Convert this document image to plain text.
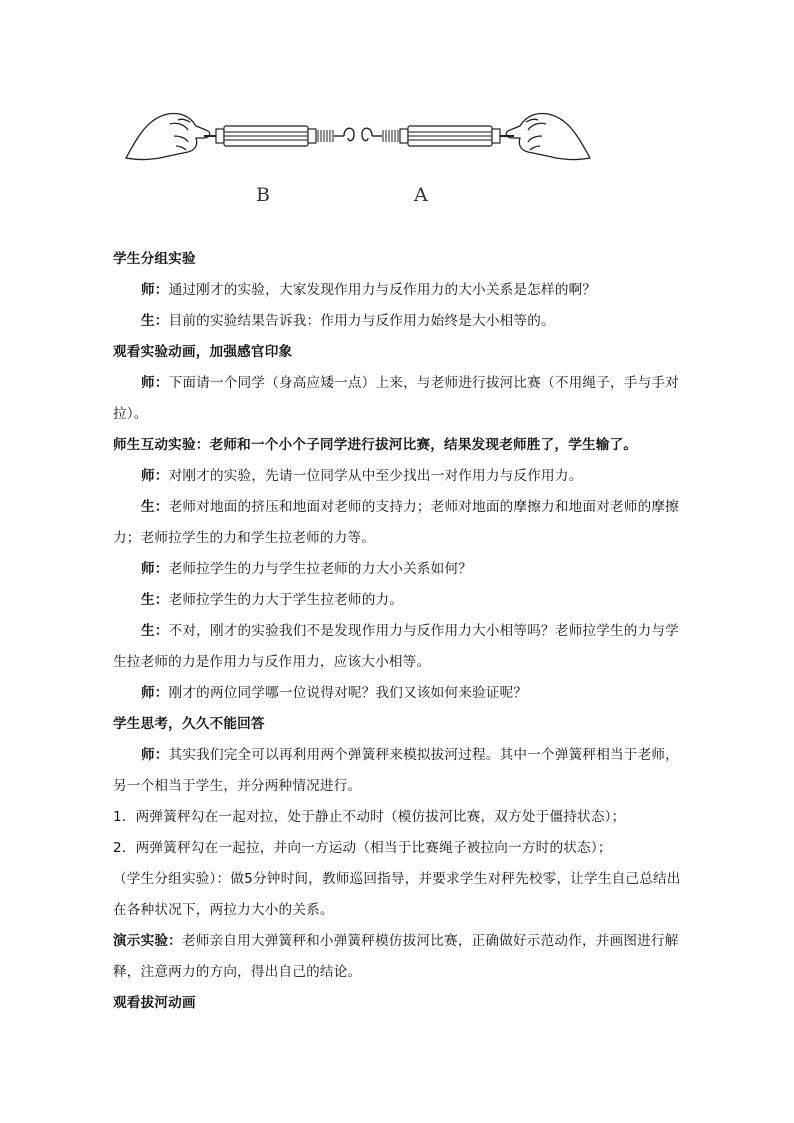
B	A

学生分组实验

师：通过刚才的实验，大家发现作用力与反作用力的大小关系是怎样的啊？

生：目前的实验结果告诉我：作用力与反作用力始终是大小相等的。

观看实验动画，加强感官印象

师：下面请一个同学（身高应矮一点）上来，与老师进行拔河比赛（不用绳子，手与手对拉）。

师生互动实验：老师和一个小个子同学进行拔河比赛，结果发现老师胜了，学生输了。

师：对刚才的实验，先请一位同学从中至少找出一对作用力与反作用力。

生：老师对地面的挤压和地面对老师的支持力；老师对地面的摩擦力和地面对老师的摩擦力；老师拉学生的力和学生拉老师的力等。

师：老师拉学生的力与学生拉老师的力大小关系如何？

生：老师拉学生的力大于学生拉老师的力。

生：不对，刚才的实验我们不是发现作用力与反作用力大小相等吗？老师拉学生的力与学生拉老师的力是作用力与反作用力，应该大小相等。

师：刚才的两位同学哪一位说得对呢？我们又该如何来验证呢？

学生思考，久久不能回答

师：其实我们完全可以再利用两个弹簧秤来模拟拔河过程。其中一个弹簧秤相当于老师，另一个相当于学生，并分两种情况进行。

1．两弹簧秤勾在一起对拉，处于静止不动时（模仿拔河比赛，双方处于僵持状态）；

2．两弹簧秤勾在一起拉，并向一方运动（相当于比赛绳子被拉向一方时的状态）；

（学生分组实验）：做5分钟时间，教师巡回指导，并要求学生对秤先校零，让学生自己总结出在各种状况下，两拉力大小的关系。

演示实验：老师亲自用大弹簧秤和小弹簧秤模仿拔河比赛，正确做好示范动作，并画图进行解释，注意两力的方向，得出自己的结论。

观看拔河动画
